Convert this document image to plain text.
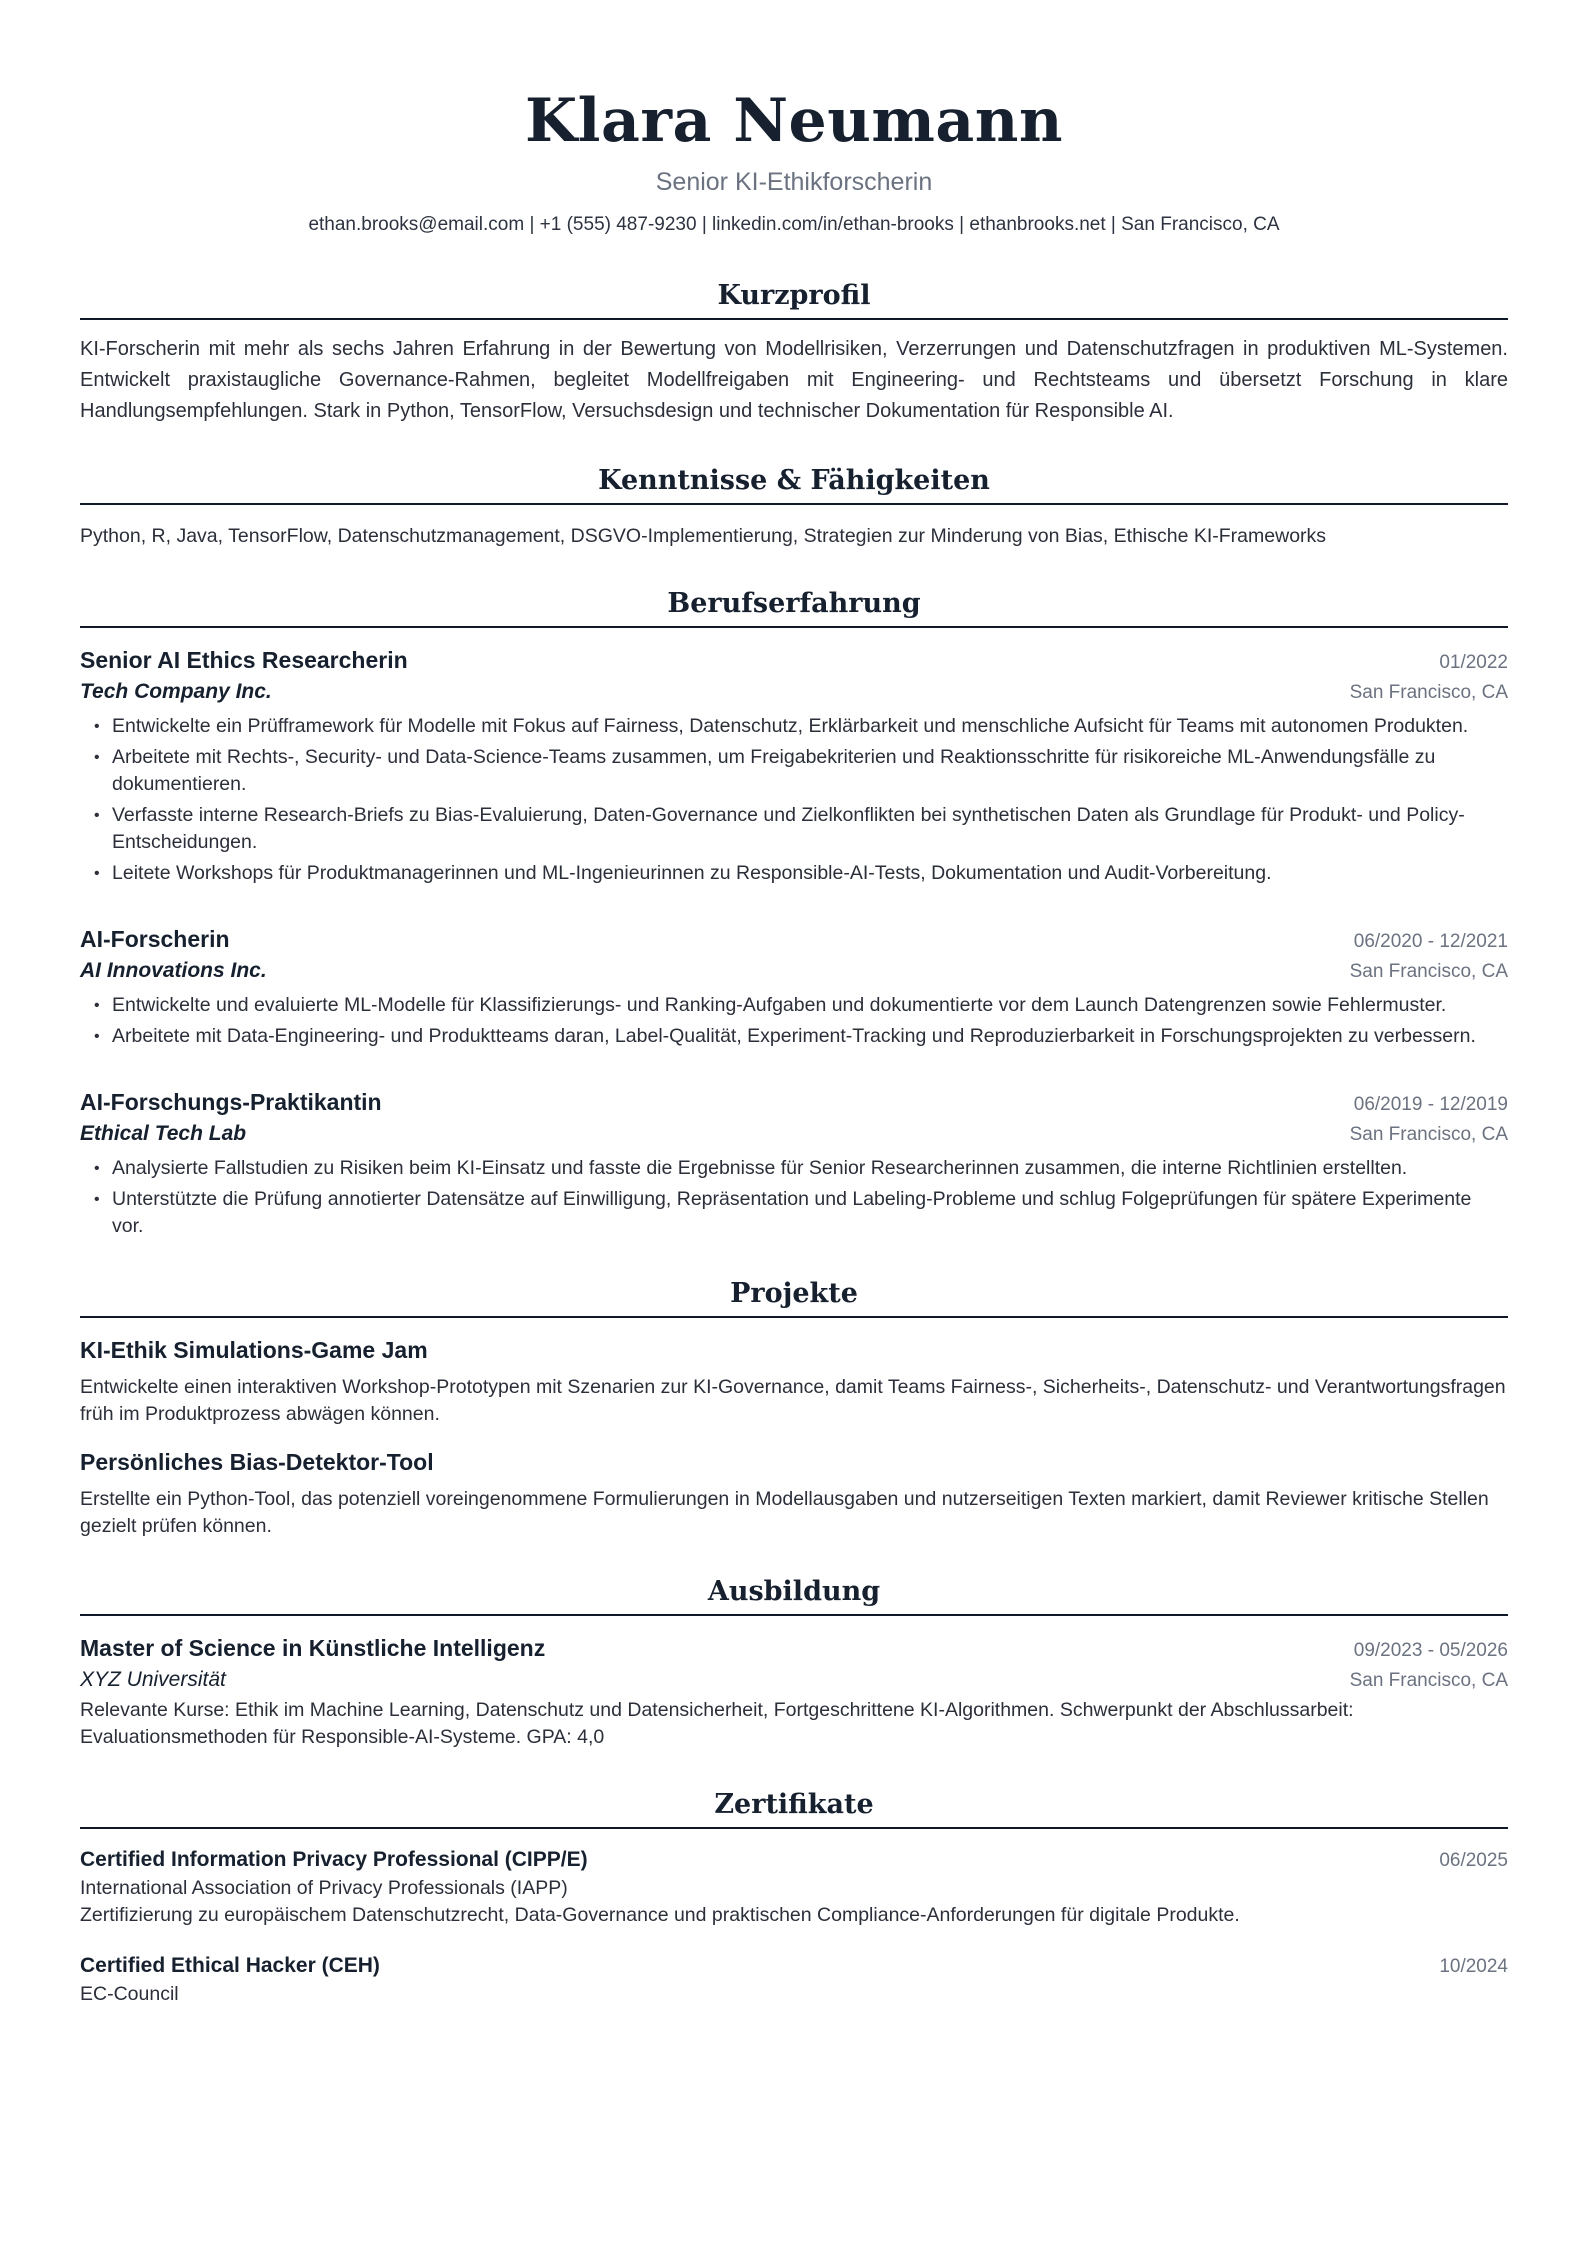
Klara Neumann
Senior KI-Ethikforscherin
ethan.brooks@email.com | +1 (555) 487-9230 | linkedin.com/in/ethan-brooks | ethanbrooks.net | San Francisco, CA
Kurzprofil
KI-Forscherin mit mehr als sechs Jahren Erfahrung in der Bewertung von Modellrisiken, Verzerrungen und Datenschutzfragen in produktiven ML-Systemen. Entwickelt praxistaugliche Governance-Rahmen, begleitet Modellfreigaben mit Engineering- und Rechtsteams und übersetzt Forschung in klare Handlungsempfehlungen. Stark in Python, TensorFlow, Versuchsdesign und technischer Dokumentation für Responsible AI.
Kenntnisse & Fähigkeiten
Python, R, Java, TensorFlow, Datenschutzmanagement, DSGVO-Implementierung, Strategien zur Minderung von Bias, Ethische KI-Frameworks
Berufserfahrung
Senior AI Ethics Researcherin	01/2022
Tech Company Inc.	San Francisco, CA
• Entwickelte ein Prüfframework für Modelle mit Fokus auf Fairness, Datenschutz, Erklärbarkeit und menschliche Aufsicht für Teams mit autonomen Produkten.
• Arbeitete mit Rechts-, Security- und Data-Science-Teams zusammen, um Freigabekriterien und Reaktionsschritte für risikoreiche ML-Anwendungsfälle zu dokumentieren.
• Verfasste interne Research-Briefs zu Bias-Evaluierung, Daten-Governance und Zielkonflikten bei synthetischen Daten als Grundlage für Produkt- und Policy-Entscheidungen.
• Leitete Workshops für Produktmanagerinnen und ML-Ingenieurinnen zu Responsible-AI-Tests, Dokumentation und Audit-Vorbereitung.
AI-Forscherin	06/2020 - 12/2021
AI Innovations Inc.	San Francisco, CA
• Entwickelte und evaluierte ML-Modelle für Klassifizierungs- und Ranking-Aufgaben und dokumentierte vor dem Launch Datengrenzen sowie Fehlermuster.
• Arbeitete mit Data-Engineering- und Produktteams daran, Label-Qualität, Experiment-Tracking und Reproduzierbarkeit in Forschungsprojekten zu verbessern.
AI-Forschungs-Praktikantin	06/2019 - 12/2019
Ethical Tech Lab	San Francisco, CA
• Analysierte Fallstudien zu Risiken beim KI-Einsatz und fasste die Ergebnisse für Senior Researcherinnen zusammen, die interne Richtlinien erstellten.
• Unterstützte die Prüfung annotierter Datensätze auf Einwilligung, Repräsentation und Labeling-Probleme und schlug Folgeprüfungen für spätere Experimente vor.
Projekte
KI-Ethik Simulations-Game Jam
Entwickelte einen interaktiven Workshop-Prototypen mit Szenarien zur KI-Governance, damit Teams Fairness-, Sicherheits-, Datenschutz- und Verantwortungsfragen früh im Produktprozess abwägen können.
Persönliches Bias-Detektor-Tool
Erstellte ein Python-Tool, das potenziell voreingenommene Formulierungen in Modellausgaben und nutzerseitigen Texten markiert, damit Reviewer kritische Stellen gezielt prüfen können.
Ausbildung
Master of Science in Künstliche Intelligenz	09/2023 - 05/2026
XYZ Universität	San Francisco, CA
Relevante Kurse: Ethik im Machine Learning, Datenschutz und Datensicherheit, Fortgeschrittene KI-Algorithmen. Schwerpunkt der Abschlussarbeit: Evaluationsmethoden für Responsible-AI-Systeme. GPA: 4,0
Zertifikate
Certified Information Privacy Professional (CIPP/E)	06/2025
International Association of Privacy Professionals (IAPP)
Zertifizierung zu europäischem Datenschutzrecht, Data-Governance und praktischen Compliance-Anforderungen für digitale Produkte.
Certified Ethical Hacker (CEH)	10/2024
EC-Council
